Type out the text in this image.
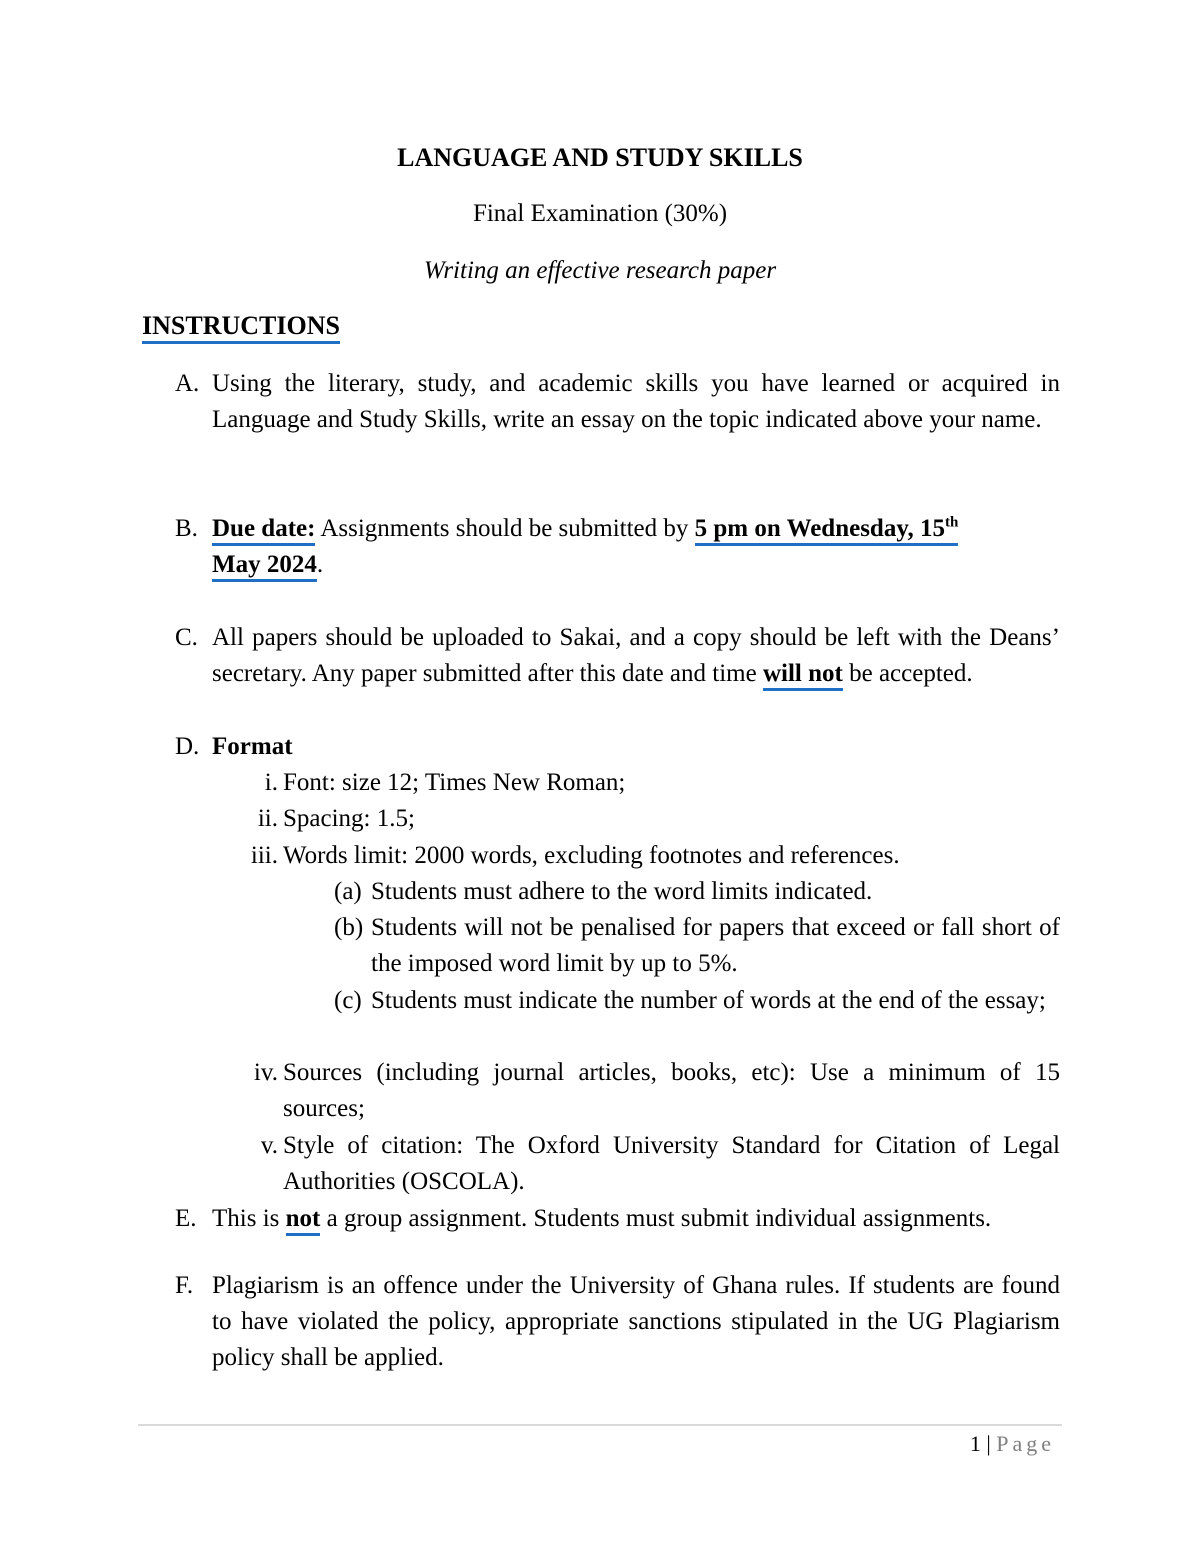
LANGUAGE AND STUDY SKILLS
Final Examination (30%)
Writing an effective research paper
INSTRUCTIONS
A. Using the literary, study, and academic skills you have learned or acquired in Language and Study Skills, write an essay on the topic indicated above your name.
B. Due date: Assignments should be submitted by 5 pm on Wednesday, 15th
May 2024.
C. All papers should be uploaded to Sakai, and a copy should be left with the Deans’ secretary. Any paper submitted after this date and time will not be accepted.
D. Format
i. Font: size 12; Times New Roman;
ii. Spacing: 1.5;
iii. Words limit: 2000 words, excluding footnotes and references.
(a) Students must adhere to the word limits indicated.
(b) Students will not be penalised for papers that exceed or fall short of the imposed word limit by up to 5%.
(c) Students must indicate the number of words at the end of the essay;
iv. Sources (including journal articles, books, etc): Use a minimum of 15 sources;
v. Style of citation: The Oxford University Standard for Citation of Legal Authorities (OSCOLA).
E. This is not a group assignment. Students must submit individual assignments.
F. Plagiarism is an offence under the University of Ghana rules. If students are found to have violated the policy, appropriate sanctions stipulated in the UG Plagiarism policy shall be applied.
1 | Page
